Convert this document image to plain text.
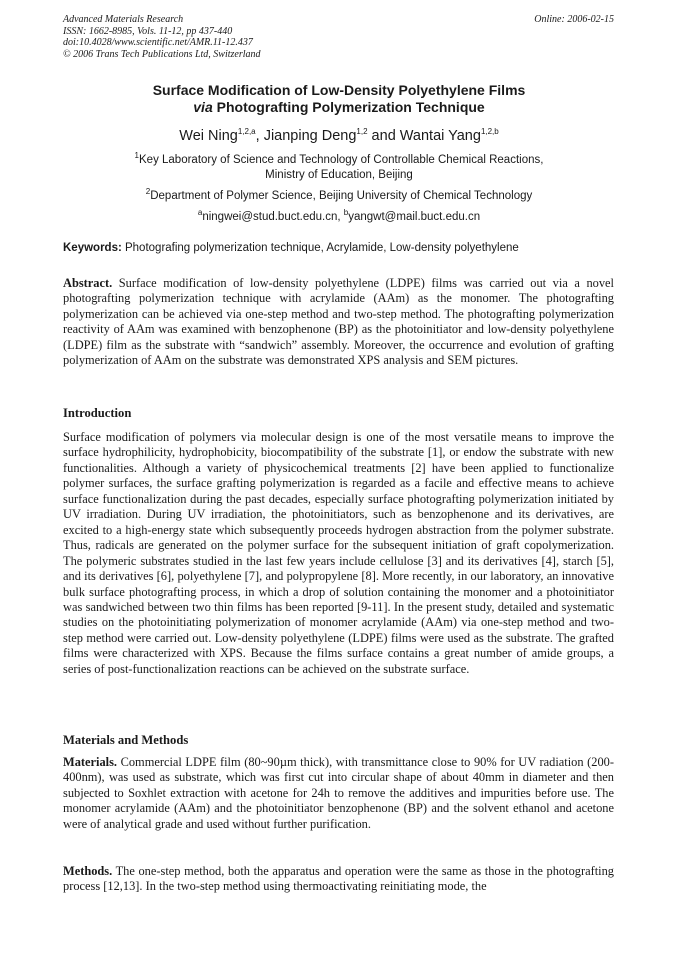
Advanced Materials Research
ISSN: 1662-8985, Vols. 11-12, pp 437-440
doi:10.4028/www.scientific.net/AMR.11-12.437
© 2006 Trans Tech Publications Ltd, Switzerland
Online: 2006-02-15
Surface Modification of Low-Density Polyethylene Films
via Photografting Polymerization Technique
Wei Ning$^{1,2,a}$, Jianping Deng$^{1,2}$ and Wantai Yang$^{1,2,b}$
$^1$Key Laboratory of Science and Technology of Controllable Chemical Reactions,
Ministry of Education, Beijing
$^2$Department of Polymer Science, Beijing University of Chemical Technology
$^a$ningwei@stud.buct.edu.cn, $^b$yangwt@mail.buct.edu.cn
Keywords: Photografing polymerization technique, Acrylamide, Low-density polyethylene
Abstract. Surface modification of low-density polyethylene (LDPE) films was carried out via a novel photografting polymerization technique with acrylamide (AAm) as the monomer. The photografting polymerization can be achieved via one-step method and two-step method. The photografting polymerization reactivity of AAm was examined with benzophenone (BP) as the photoinitiator and low-density polyethylene (LDPE) film as the substrate with “sandwich” assembly. Moreover, the occurrence and evolution of grafting polymerization of AAm on the substrate was demonstrated XPS analysis and SEM pictures.
Introduction
Surface modification of polymers via molecular design is one of the most versatile means to improve the surface hydrophilicity, hydrophobicity, biocompatibility of the substrate [1], or endow the substrate with new functionalities. Although a variety of physicochemical treatments [2] have been applied to functionalize polymer surfaces, the surface grafting polymerization is regarded as a facile and effective means to achieve surface functionalization during the past decades, especially surface photografting polymerization initiated by UV irradiation. During UV irradiation, the photoinitiators, such as benzophenone and its derivatives, are excited to a high-energy state which subsequently proceeds hydrogen abstraction from the polymer substrate. Thus, radicals are generated on the polymer surface for the subsequent initiation of graft copolymerization. The polymeric substrates studied in the last few years include cellulose [3] and its derivatives [4], starch [5], and its derivatives [6], polyethylene [7], and polypropylene [8]. More recently, in our laboratory, an innovative bulk surface photografting process, in which a drop of solution containing the monomer and a photoinitiator was sandwiched between two thin films has been reported [9-11]. In the present study, detailed and systematic studies on the photoinitiating polymerization of monomer acrylamide (AAm) via one-step method and two-step method were carried out. Low-density polyethylene (LDPE) films were used as the substrate. The grafted films were characterized with XPS. Because the films surface contains a great number of amide groups, a series of post-functionalization reactions can be achieved on the substrate surface.
Materials and Methods
Materials. Commercial LDPE film (80~90µm thick), with transmittance close to 90% for UV radiation (200-400nm), was used as substrate, which was first cut into circular shape of about 40mm in diameter and then subjected to Soxhlet extraction with acetone for 24h to remove the additives and impurities before use. The monomer acrylamide (AAm) and the photoinitiator benzophenone (BP) and the solvent ethanol and acetone were of analytical grade and used without further purification.
Methods. The one-step method, both the apparatus and operation were the same as those in the photografting process [12,13]. In the two-step method using thermoactivating reinitiating mode, the
